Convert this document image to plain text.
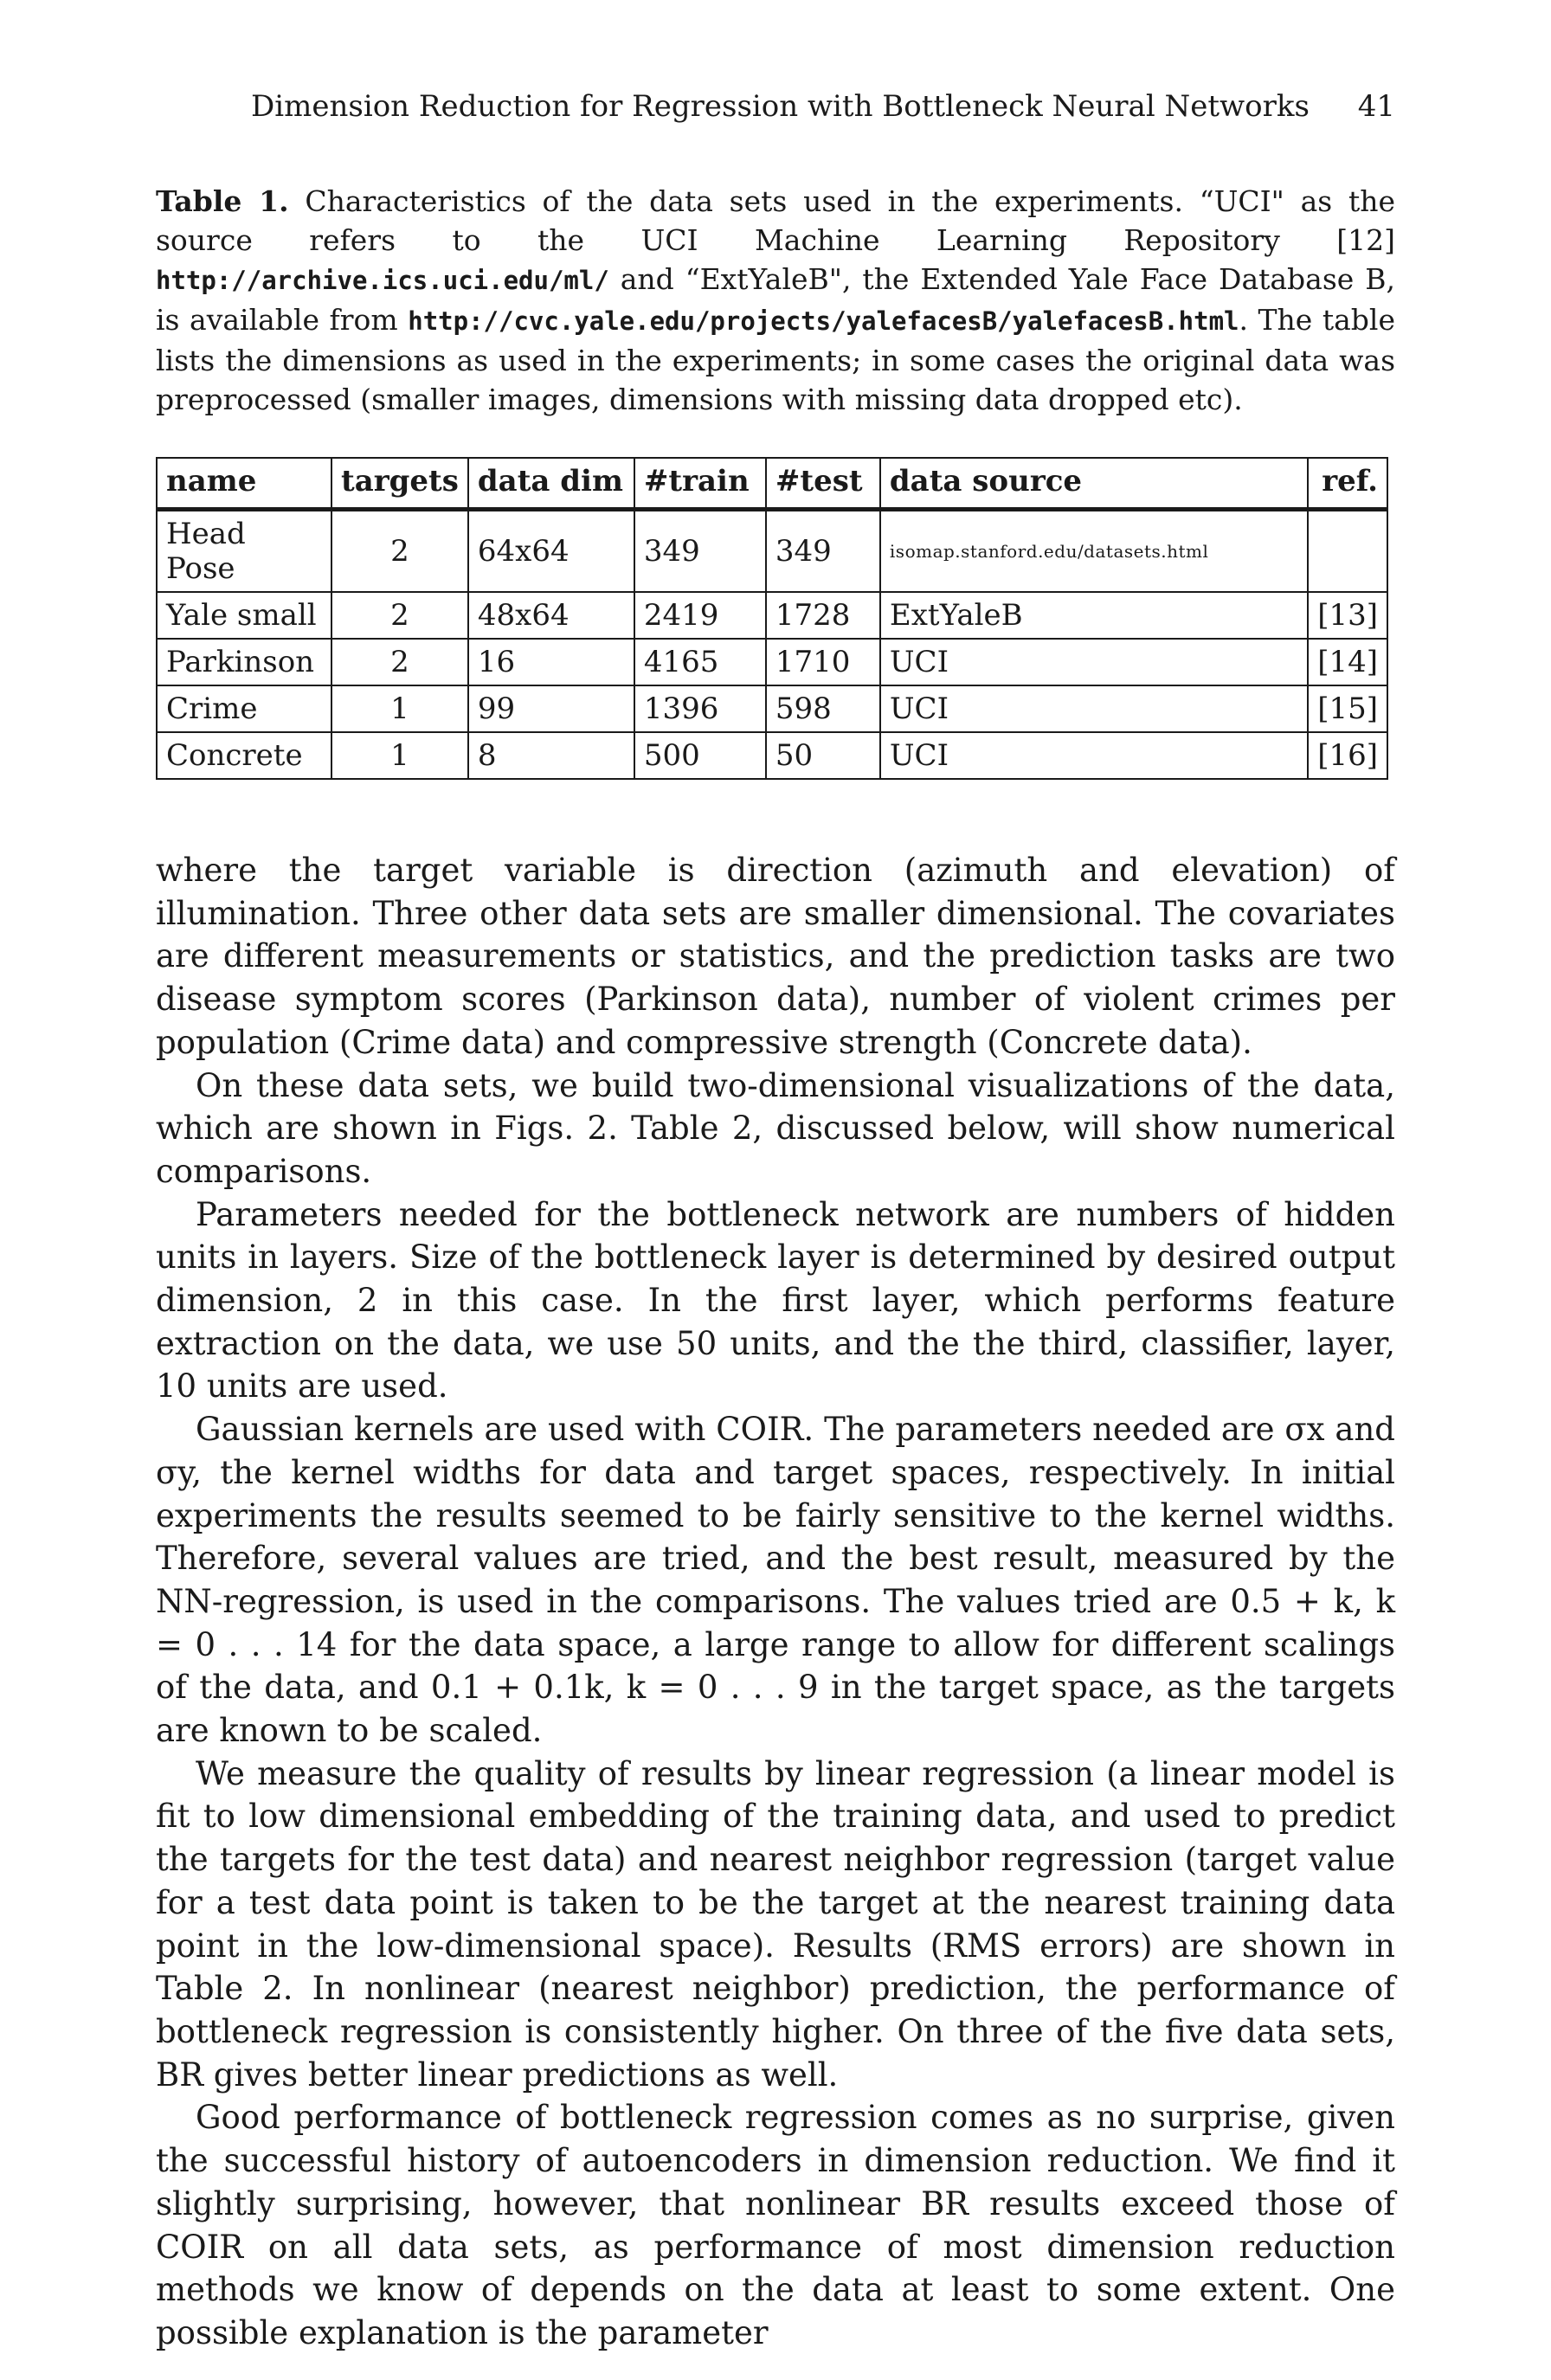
Dimension Reduction for Regression with Bottleneck Neural Networks 41
Table 1. Characteristics of the data sets used in the experiments. “UCI" as the source refers to the UCI Machine Learning Repository [12] http://archive.ics.uci.edu/ml/ and “ExtYaleB", the Extended Yale Face Database B, is available from http://cvc.yale.edu/projects/yalefacesB/yalefacesB.html. The table lists the dimensions as used in the experiments; in some cases the original data was preprocessed (smaller images, dimensions with missing data dropped etc).
name	targets	data dim	#train	#test	data source	ref.
Head Pose	2	64x64	349	349	isomap.stanford.edu/datasets.html	
Yale small	2	48x64	2419	1728	ExtYaleB	[13]
Parkinson	2	16	4165	1710	UCI	[14]
Crime	1	99	1396	598	UCI	[15]
Concrete	1	8	500	50	UCI	[16]

where the target variable is direction (azimuth and elevation) of illumination. Three other data sets are smaller dimensional. The covariates are different measurements or statistics, and the prediction tasks are two disease symptom scores (Parkinson data), number of violent crimes per population (Crime data) and compressive strength (Concrete data).

On these data sets, we build two-dimensional visualizations of the data, which are shown in Figs. 2. Table 2, discussed below, will show numerical comparisons.

Parameters needed for the bottleneck network are numbers of hidden units in layers. Size of the bottleneck layer is determined by desired output dimension, 2 in this case. In the first layer, which performs feature extraction on the data, we use 50 units, and the the third, classifier, layer, 10 units are used.

Gaussian kernels are used with COIR. The parameters needed are σx and σy, the kernel widths for data and target spaces, respectively. In initial experiments the results seemed to be fairly sensitive to the kernel widths. Therefore, several values are tried, and the best result, measured by the NN-regression, is used in the comparisons. The values tried are 0.5 + k, k = 0 . . . 14 for the data space, a large range to allow for different scalings of the data, and 0.1 + 0.1k, k = 0 . . . 9 in the target space, as the targets are known to be scaled.

We measure the quality of results by linear regression (a linear model is fit to low dimensional embedding of the training data, and used to predict the targets for the test data) and nearest neighbor regression (target value for a test data point is taken to be the target at the nearest training data point in the low-dimensional space). Results (RMS errors) are shown in Table 2. In nonlinear (nearest neighbor) prediction, the performance of bottleneck regression is consistently higher. On three of the five data sets, BR gives better linear predictions as well.

Good performance of bottleneck regression comes as no surprise, given the successful history of autoencoders in dimension reduction. We find it slightly surprising, however, that nonlinear BR results exceed those of COIR on all data sets, as performance of most dimension reduction methods we know of depends on the data at least to some extent. One possible explanation is the parameter
